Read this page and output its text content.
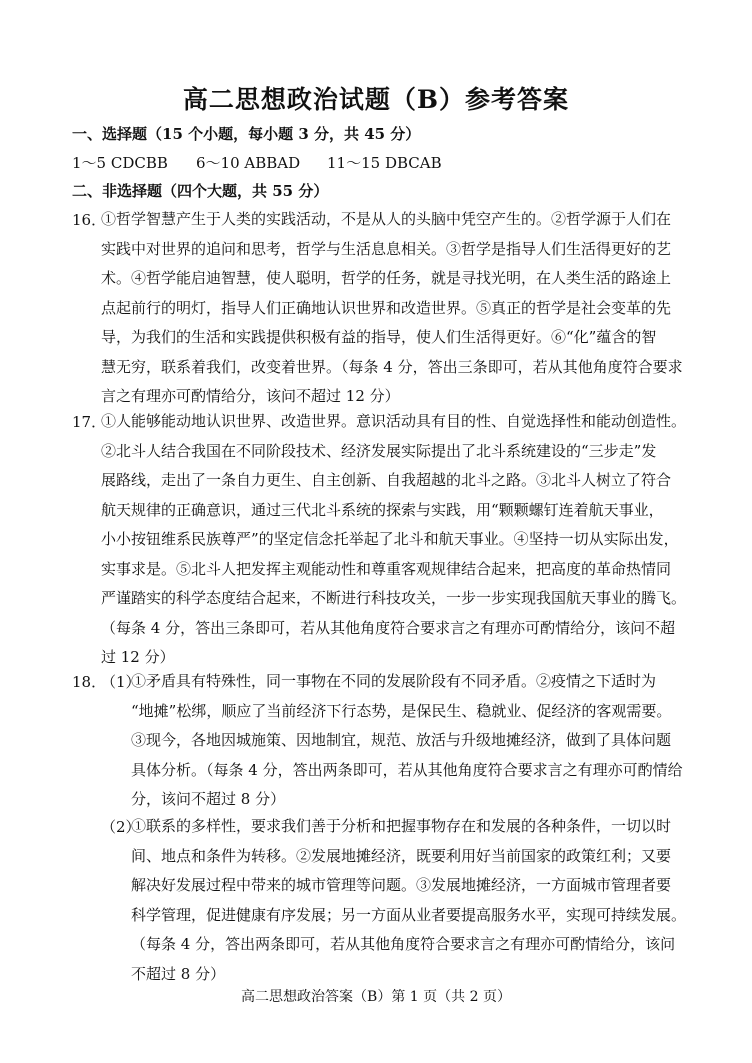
高二思想政治试题（B）参考答案
一、选择题（15 个小题，每小题 3 分，共 45 分）
1～5 CDCBB 6～10 ABBAD 11～15 DBCAB
二、非选择题（四个大题，共 55 分）
16．

①哲学智慧产生于人类的实践活动，不是从人的头脑中凭空产生的。②哲学源于人们在

实践中对世界的追问和思考，哲学与生活息息相关。③哲学是指导人们生活得更好的艺

术。④哲学能启迪智慧，使人聪明，哲学的任务，就是寻找光明，在人类生活的路途上

点起前行的明灯，指导人们正确地认识世界和改造世界。⑤真正的哲学是社会变革的先

导，为我们的生活和实践提供积极有益的指导，使人们生活得更好。⑥“化”蕴含的智

慧无穷，联系着我们，改变着世界。（每条 4 分，答出三条即可，若从其他角度符合要求

言之有理亦可酌情给分，该问不超过 12 分）

17．

①人能够能动地认识世界、改造世界。意识活动具有目的性、自觉选择性和能动创造性。

②北斗人结合我国在不同阶段技术、经济发展实际提出了北斗系统建设的“三步走”发

展路线，走出了一条自力更生、自主创新、自我超越的北斗之路。③北斗人树立了符合

航天规律的正确意识，通过三代北斗系统的探索与实践，用“颗颗螺钉连着航天事业，

小小按钮维系民族尊严”的坚定信念托举起了北斗和航天事业。④坚持一切从实际出发，

实事求是。⑤北斗人把发挥主观能动性和尊重客观规律结合起来，把高度的革命热情同

严谨踏实的科学态度结合起来，不断进行科技攻关，一步一步实现我国航天事业的腾飞。

（每条 4 分，答出三条即可，若从其他角度符合要求言之有理亦可酌情给分，该问不超

过 12 分）

18．
（1）

①矛盾具有特殊性，同一事物在不同的发展阶段有不同矛盾。②疫情之下适时为

“地摊”松绑，顺应了当前经济下行态势，是保民生、稳就业、促经济的客观需要。

③现今，各地因城施策、因地制宜，规范、放活与升级地摊经济，做到了具体问题

具体分析。（每条 4 分，答出两条即可，若从其他角度符合要求言之有理亦可酌情给

分，该问不超过 8 分）

（2）

①联系的多样性，要求我们善于分析和把握事物存在和发展的各种条件，一切以时

间、地点和条件为转移。②发展地摊经济，既要利用好当前国家的政策红利；又要

解决好发展过程中带来的城市管理等问题。③发展地摊经济，一方面城市管理者要

科学管理，促进健康有序发展；另一方面从业者要提高服务水平，实现可持续发展。

（每条 4 分，答出两条即可，若从其他角度符合要求言之有理亦可酌情给分，该问

不超过 8 分）

高二思想政治答案（B）第 1 页（共 2 页）
